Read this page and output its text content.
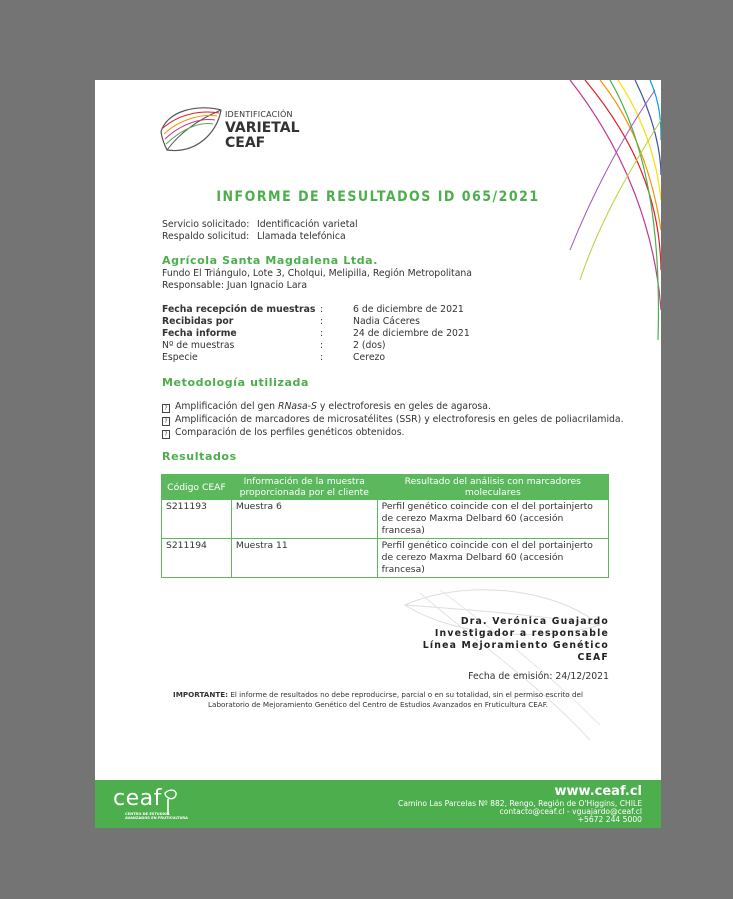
IDENTIFICACIÓN
VARIETAL
CEAF
INFORME DE RESULTADOS ID 065/2021
Servicio solicitado: Identificación varietal
Respaldo solicitud: Llamada telefónica
Agrícola Santa Magdalena Ltda.
Fundo El Triángulo, Lote 3, Cholqui, Melipilla, Región Metropolitana
Responsable: Juan Ignacio Lara
Fecha recepción de muestras :	6 de diciembre de 2021
Recibidas por	:	Nadia Cáceres
Fecha informe	:	24 de diciembre de 2021
Nº de muestras	:	2 (dos)
Especie	:	Cerezo
Metodología utilizada
? Amplificación del gen RNasa-S y electroforesis en geles de agarosa.
? Amplificación de marcadores de microsatélites (SSR) y electroforesis en geles de poliacrilamida.
? Comparación de los perfiles genéticos obtenidos.
Resultados
Código CEAF	Información de la muestra proporcionada por el cliente	Resultado del análisis con marcadores moleculares
S211193	Muestra 6	Perfil genético coincide con el del portainjerto de cerezo Maxma Delbard 60 (accesión francesa)
S211194	Muestra 11	Perfil genético coincide con el del portainjerto de cerezo Maxma Delbard 60 (accesión francesa)
Dra. Verónica Guajardo
Investigador a responsable
Línea Mejoramiento Genético
CEAF
Fecha de emisión: 24/12/2021
IMPORTANTE: El informe de resultados no debe reproducirse, parcial o en su totalidad, sin el permiso escrito del
Laboratorio de Mejoramiento Genético del Centro de Estudios Avanzados en Fruticultura CEAF.
ceaf
CENTRO DE ESTUDIOS
AVANZADOS EN FRUTICULTURA
www.ceaf.cl
Camino Las Parcelas Nº 882, Rengo, Región de O'Higgins, CHILE
contacto@ceaf.cl - vguajardo@ceaf.cl
+5672 244 5000
